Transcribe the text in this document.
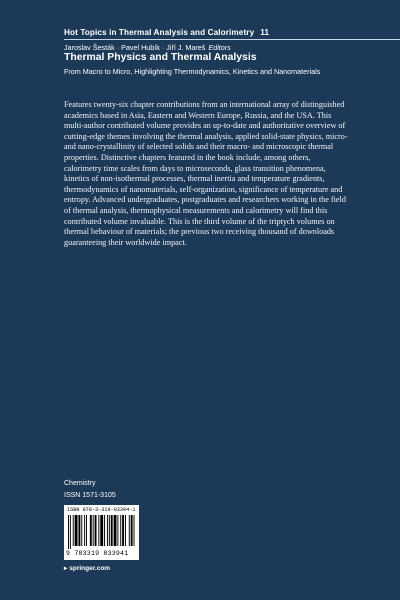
Hot Topics in Thermal Analysis and Calorimetry 11
Jaroslav Šesták · Pavel Hubík · Jiří J. Mareš Editors
Thermal Physics and Thermal Analysis
From Macro to Micro, Highlighting Thermodynamics, Kinetics and Nanomaterials
Features twenty-six chapter contributions from an international array of distinguished academics based in Asia, Eastern and Western Europe, Russia, and the USA. This multi-author contributed volume provides an up-to-date and authoritative overview of cutting-edge themes involving the thermal analysis, applied solid-state physics, micro- and nano-crystallinity of selected solids and their macro- and microscopic thermal properties. Distinctive chapters featured in the book include, among others, calorimetry time scales from days to microseconds, glass transition phenomena, kinetics of non-isothermal processes, thermal inertia and temperature gradients, thermodynamics of nanomaterials, self-organization, significance of temperature and entropy. Advanced undergraduates, postgraduates and researchers working in the field of thermal analysis, thermophysical measurements and calorimetry will find this contributed volume invaluable. This is the third volume of the triptych volumes on thermal behaviour of materials; the previous two receiving thousand of downloads guaranteeing their worldwide impact.
Chemistry
ISSN 1571-3105
ISBN 978-3-319-83394-1
9 783319 833941
▸ springer.com
